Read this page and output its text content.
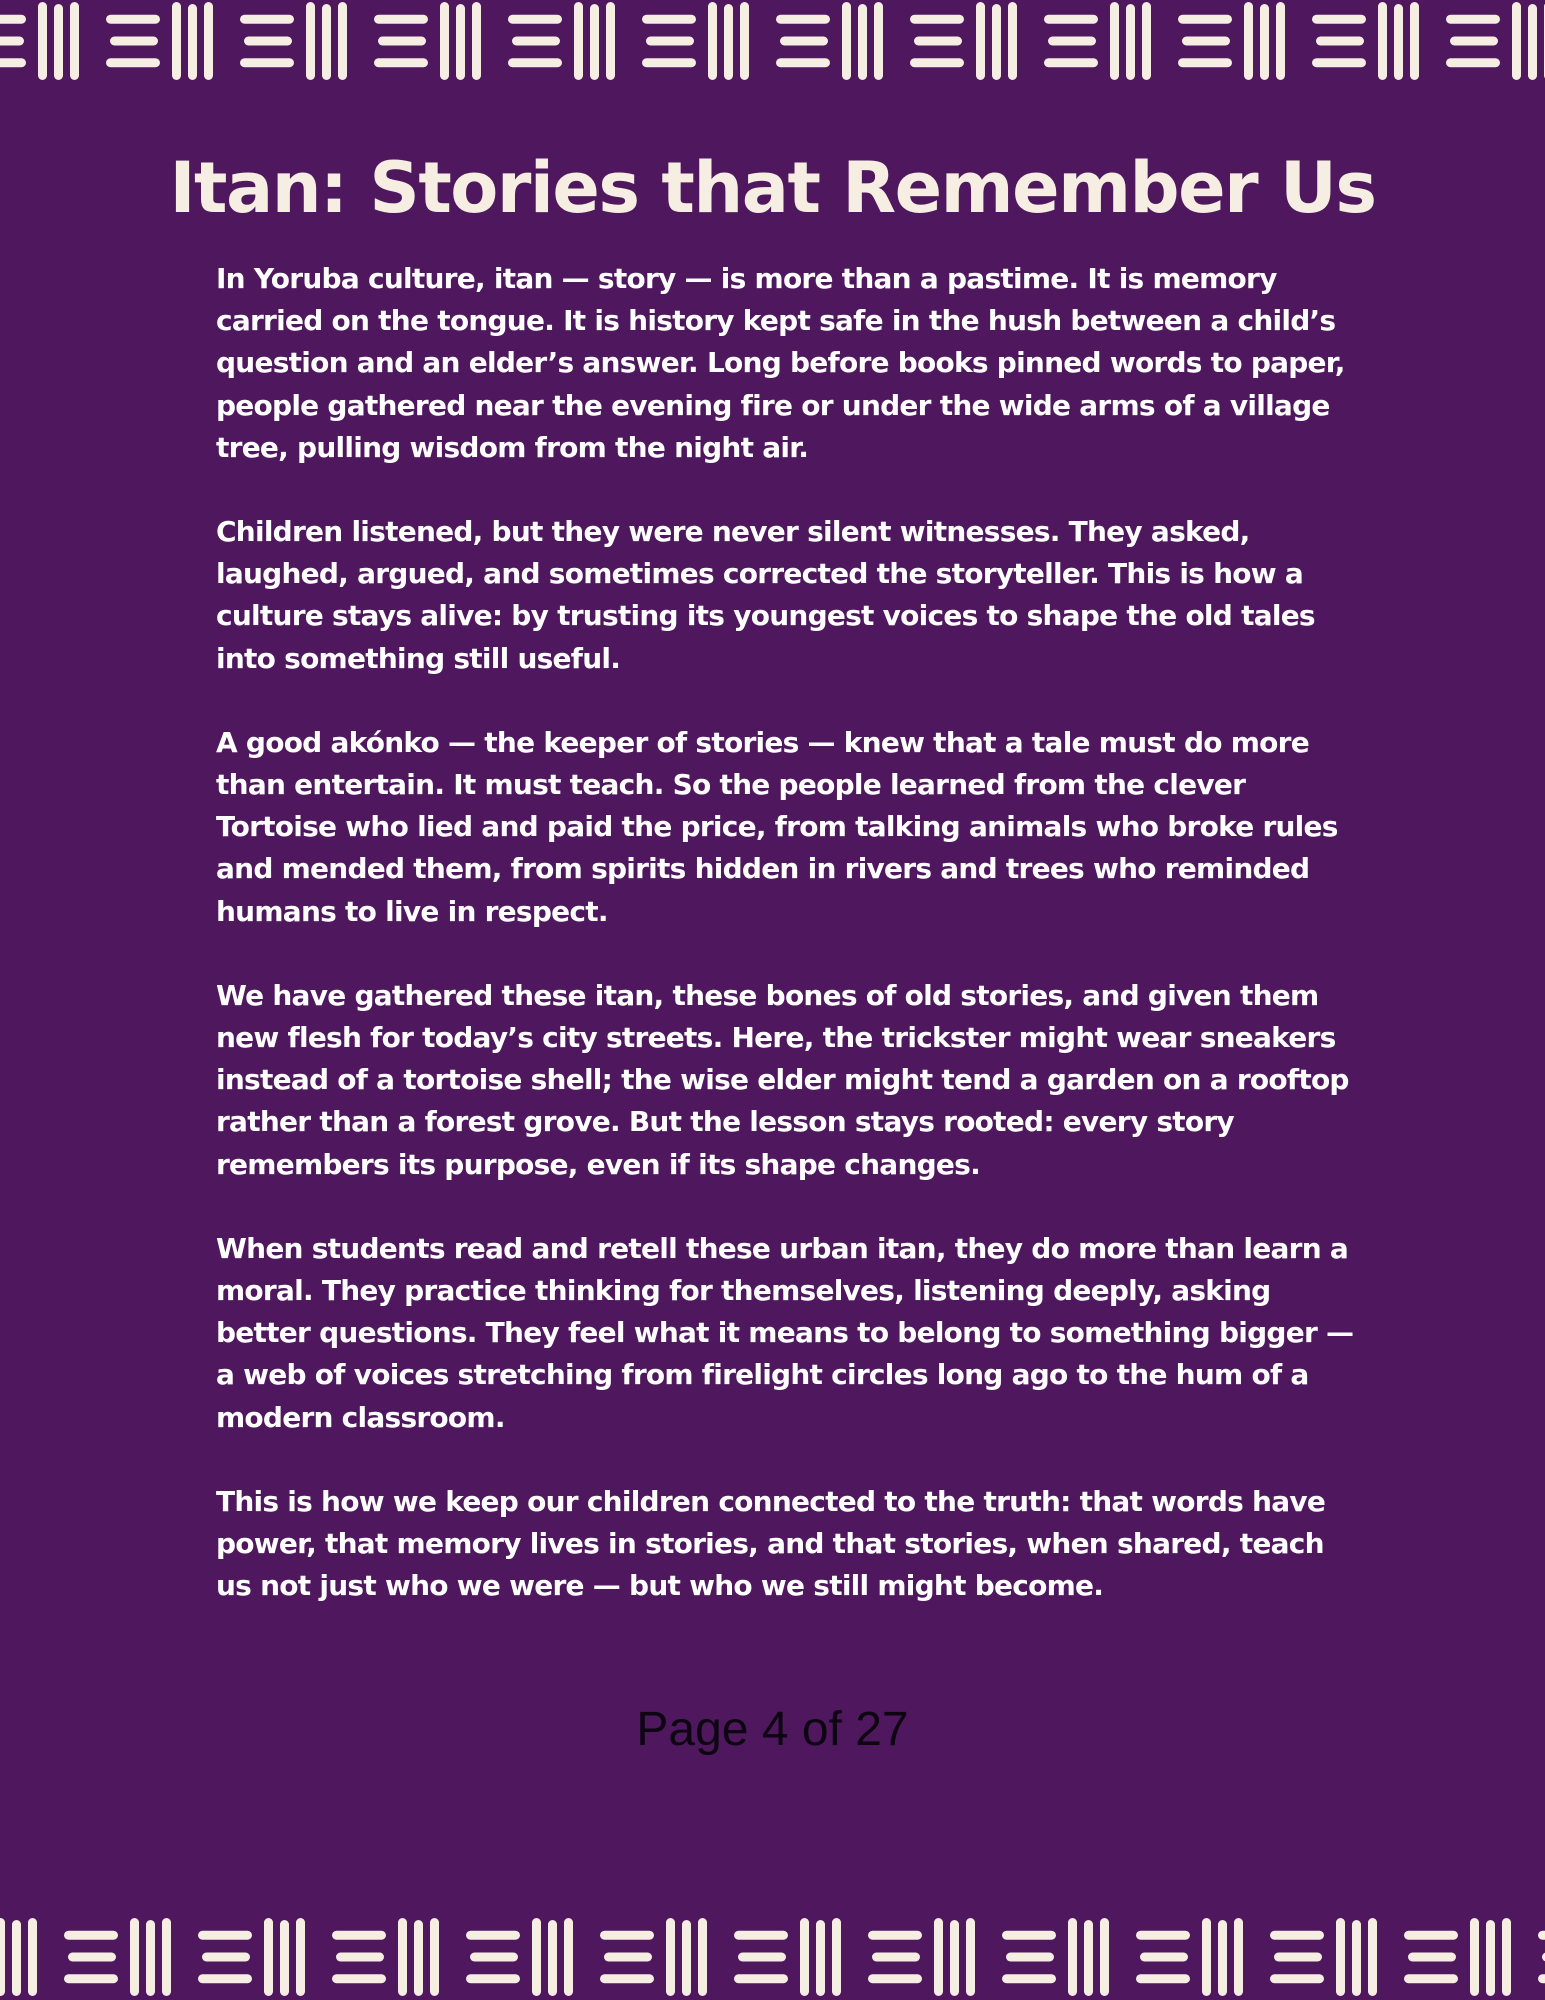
Itan: Stories that Remember Us

In Yoruba culture, itan — story — is more than a pastime. It is memory carried on the tongue. It is history kept safe in the hush between a child’s question and an elder’s answer. Long before books pinned words to paper, people gathered near the evening fire or under the wide arms of a village tree, pulling wisdom from the night air.

Children listened, but they were never silent witnesses. They asked, laughed, argued, and sometimes corrected the storyteller. This is how a culture stays alive: by trusting its youngest voices to shape the old tales into something still useful.

A good akónko — the keeper of stories — knew that a tale must do more than entertain. It must teach. So the people learned from the clever Tortoise who lied and paid the price, from talking animals who broke rules and mended them, from spirits hidden in rivers and trees who reminded humans to live in respect.

We have gathered these itan, these bones of old stories, and given them new flesh for today’s city streets. Here, the trickster might wear sneakers instead of a tortoise shell; the wise elder might tend a garden on a rooftop rather than a forest grove. But the lesson stays rooted: every story remembers its purpose, even if its shape changes.

When students read and retell these urban itan, they do more than learn a moral. They practice thinking for themselves, listening deeply, asking better questions. They feel what it means to belong to something bigger — a web of voices stretching from firelight circles long ago to the hum of a modern classroom.

This is how we keep our children connected to the truth: that words have power, that memory lives in stories, and that stories, when shared, teach us not just who we were — but who we still might become.

Page 4 of 27
